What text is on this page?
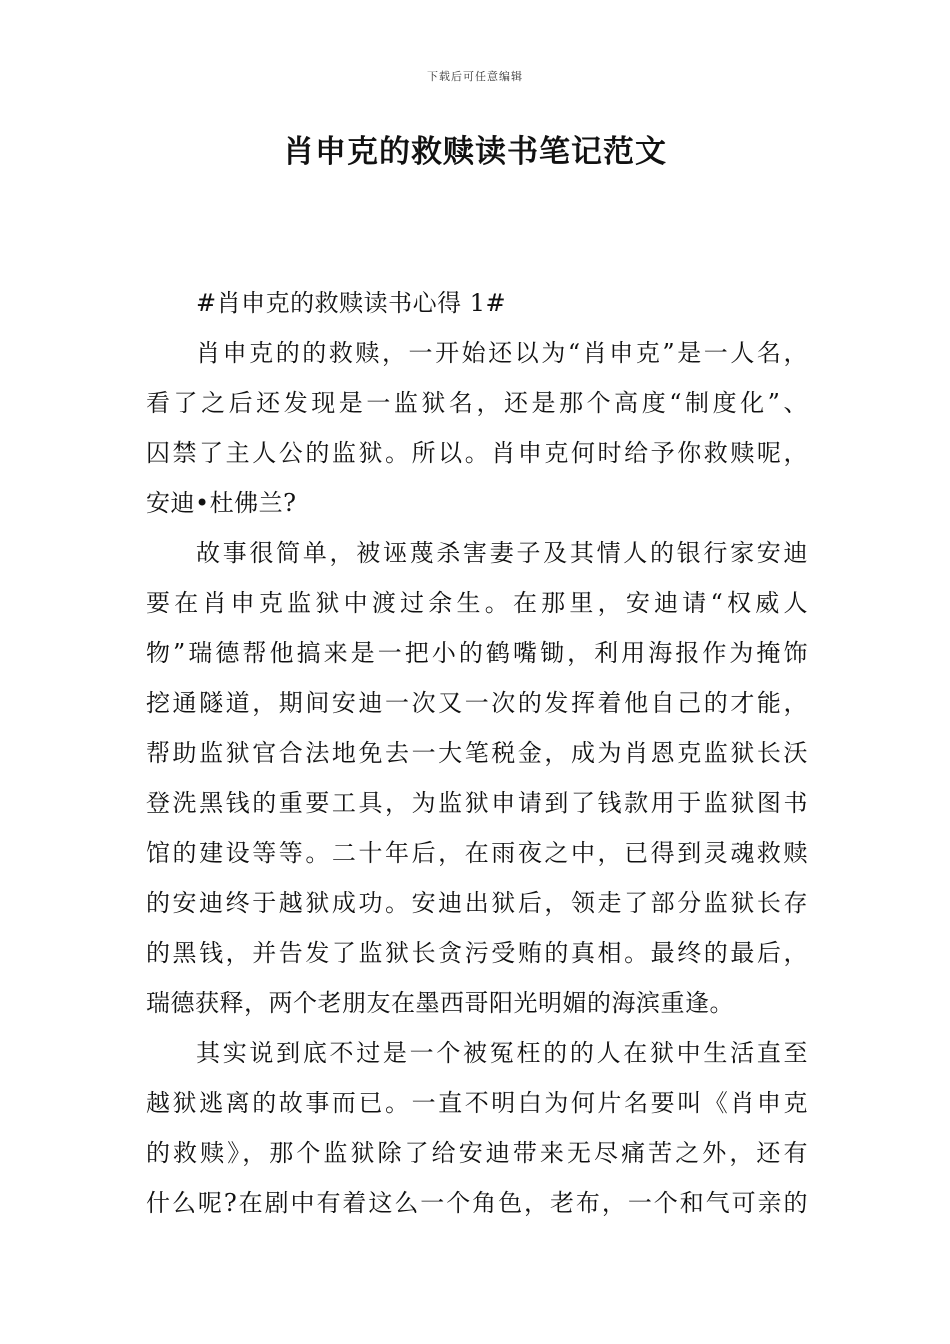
下载后可任意编辑
肖申克的救赎读书笔记范文
#肖申克的救赎读书心得 1#
肖申克的的救赎，一开始还以为“肖申克”是一人名，
看了之后还发现是一监狱名，还是那个高度“制度化”、
囚禁了主人公的监狱。所以。肖申克何时给予你救赎呢，
安迪•杜佛兰?
故事很简单，被诬蔑杀害妻子及其情人的银行家安迪
要在肖申克监狱中渡过余生。在那里，安迪请“权威人
物”瑞德帮他搞来是一把小的鹤嘴锄，利用海报作为掩饰
挖通隧道，期间安迪一次又一次的发挥着他自己的才能，
帮助监狱官合法地免去一大笔税金，成为肖恩克监狱长沃
登洗黑钱的重要工具，为监狱申请到了钱款用于监狱图书
馆的建设等等。二十年后，在雨夜之中，已得到灵魂救赎
的安迪终于越狱成功。安迪出狱后，领走了部分监狱长存
的黑钱，并告发了监狱长贪污受贿的真相。最终的最后，
瑞德获释，两个老朋友在墨西哥阳光明媚的海滨重逢。
其实说到底不过是一个被冤枉的的人在狱中生活直至
越狱逃离的故事而已。一直不明白为何片名要叫《肖申克
的救赎》，那个监狱除了给安迪带来无尽痛苦之外，还有
什么呢?在剧中有着这么一个角色，老布，一个和气可亲的
